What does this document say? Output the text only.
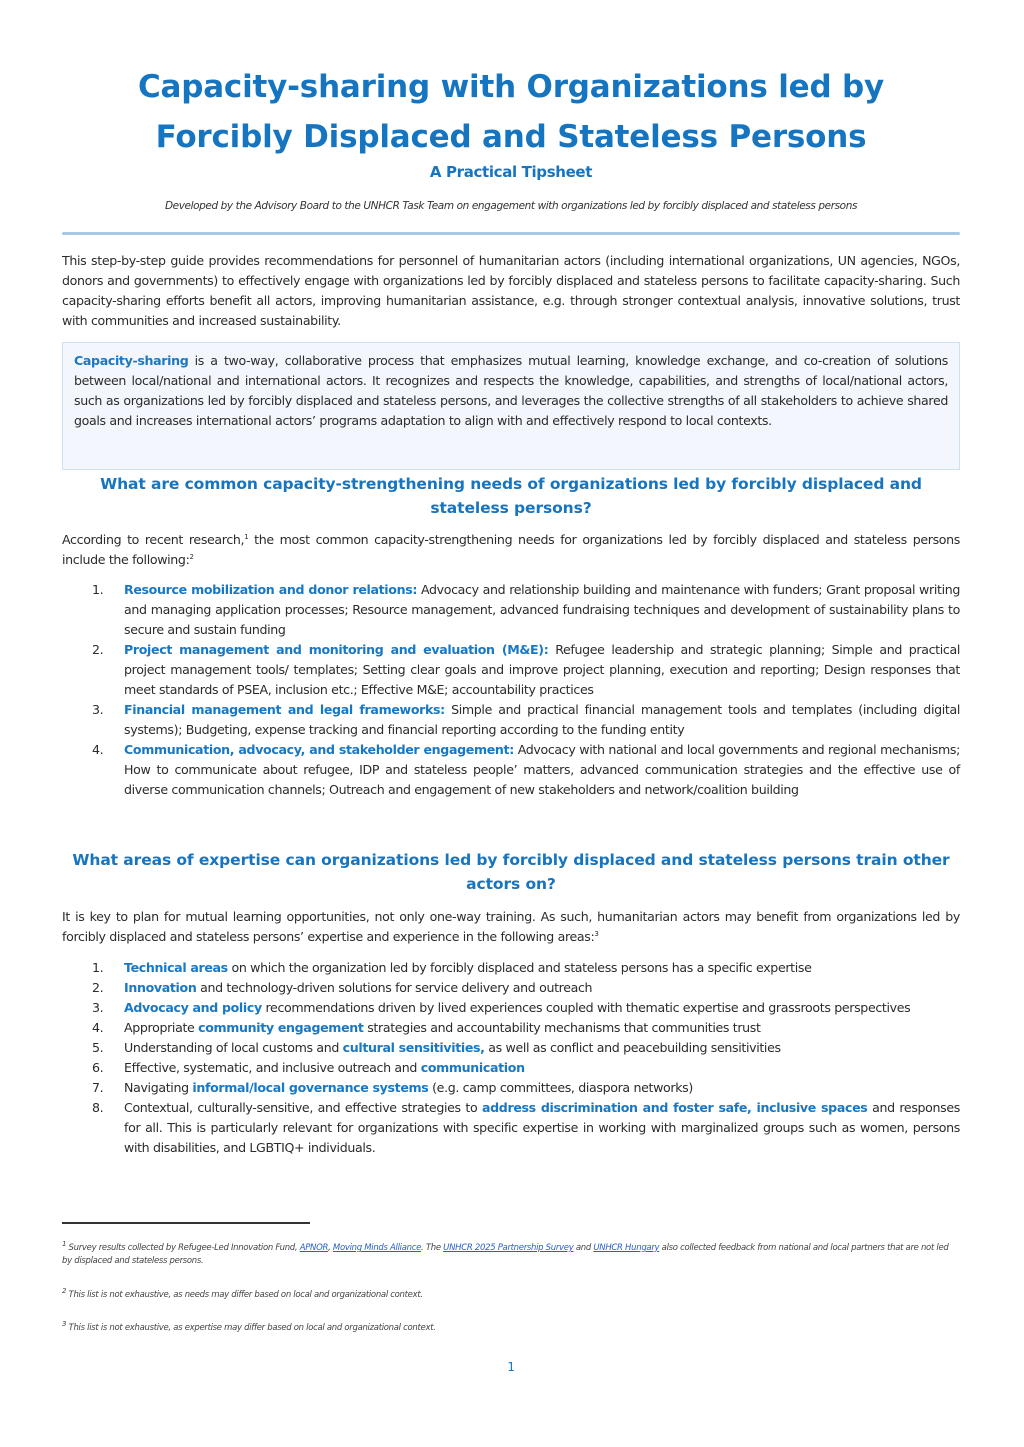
Capacity-sharing with Organizations led by
Forcibly Displaced and Stateless Persons

A Practical Tipsheet

Developed by the Advisory Board to the UNHCR Task Team on engagement with organizations led by forcibly displaced and stateless persons

This step-by-step guide provides recommendations for personnel of humanitarian actors (including international organizations, UN agencies, NGOs, donors and governments) to effectively engage with organizations led by forcibly displaced and stateless persons to facilitate capacity-sharing. Such capacity-sharing efforts benefit all actors, improving humanitarian assistance, e.g. through stronger contextual analysis, innovative solutions, trust with communities and increased sustainability.

Capacity-sharing is a two-way, collaborative process that emphasizes mutual learning, knowledge exchange, and co-creation of solutions between local/national and international actors. It recognizes and respects the knowledge, capabilities, and strengths of local/national actors, such as organizations led by forcibly displaced and stateless persons, and leverages the collective strengths of all stakeholders to achieve shared goals and increases international actors’ programs adaptation to align with and effectively respond to local contexts.

What are common capacity-strengthening needs of organizations led by forcibly displaced and
stateless persons?

According to recent research,$^1$ the most common capacity-strengthening needs for organizations led by forcibly displaced and stateless persons include the following:$^2$

1. Resource mobilization and donor relations: Advocacy and relationship building and maintenance with funders; Grant proposal writing and managing application processes; Resource management, advanced fundraising techniques and development of sustainability plans to secure and sustain funding
2. Project management and monitoring and evaluation (M&E): Refugee leadership and strategic planning; Simple and practical project management tools/ templates; Setting clear goals and improve project planning, execution and reporting; Design responses that meet standards of PSEA, inclusion etc.; Effective M&E; accountability practices
3. Financial management and legal frameworks: Simple and practical financial management tools and templates (including digital systems); Budgeting, expense tracking and financial reporting according to the funding entity
4. Communication, advocacy, and stakeholder engagement: Advocacy with national and local governments and regional mechanisms; How to communicate about refugee, IDP and stateless people’ matters, advanced communication strategies and the effective use of diverse communication channels; Outreach and engagement of new stakeholders and network/coalition building
What areas of expertise can organizations led by forcibly displaced and stateless persons train other
actors on?

It is key to plan for mutual learning opportunities, not only one-way training. As such, humanitarian actors may benefit from organizations led by forcibly displaced and stateless persons’ expertise and experience in the following areas:$^3$

1. Technical areas on which the organization led by forcibly displaced and stateless persons has a specific expertise
2. Innovation and technology-driven solutions for service delivery and outreach
3. Advocacy and policy recommendations driven by lived experiences coupled with thematic expertise and grassroots perspectives
4. Appropriate community engagement strategies and accountability mechanisms that communities trust
5. Understanding of local customs and cultural sensitivities, as well as conflict and peacebuilding sensitivities
6. Effective, systematic, and inclusive outreach and communication
7. Navigating informal/local governance systems (e.g. camp committees, diaspora networks)
8. Contextual, culturally-sensitive, and effective strategies to address discrimination and foster safe, inclusive spaces and responses for all. This is particularly relevant for organizations with specific expertise in working with marginalized groups such as women, persons with disabilities, and LGBTIQ+ individuals.

$^1$ Survey results collected by Refugee-Led Innovation Fund, APNOR, Moving Minds Alliance. The UNHCR 2025 Partnership Survey and UNHCR Hungary also collected feedback from national and local partners that are not led by displaced and stateless persons.

$^2$ This list is not exhaustive, as needs may differ based on local and organizational context.

$^3$ This list is not exhaustive, as expertise may differ based on local and organizational context.

1
